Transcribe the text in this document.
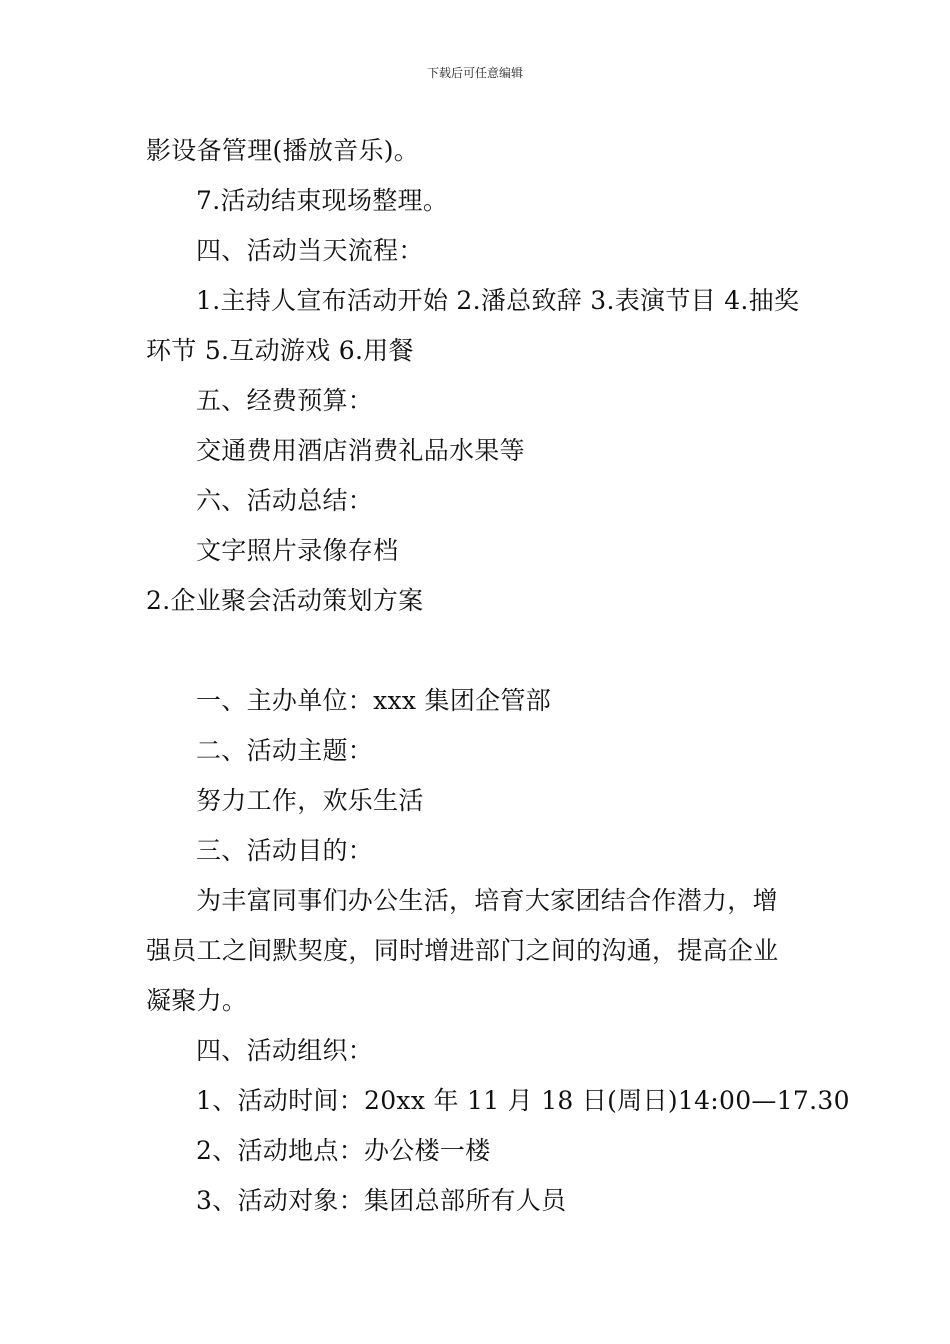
下载后可任意编辑
影设备管理(播放音乐)。
7.活动结束现场整理。
四、活动当天流程：
1.主持人宣布活动开始 2.潘总致辞 3.表演节目 4.抽奖
环节 5.互动游戏 6.用餐
五、经费预算：
交通费用酒店消费礼品水果等
六、活动总结：
文字照片录像存档
2.企业聚会活动策划方案
一、主办单位：xxx 集团企管部
二、活动主题：
努力工作，欢乐生活
三、活动目的：
为丰富同事们办公生活，培育大家团结合作潜力，增
强员工之间默契度，同时增进部门之间的沟通，提高企业
凝聚力。
四、活动组织：
1、活动时间：20xx 年 11 月 18 日(周日)14:00—17.30
2、活动地点：办公楼一楼
3、活动对象：集团总部所有人员
